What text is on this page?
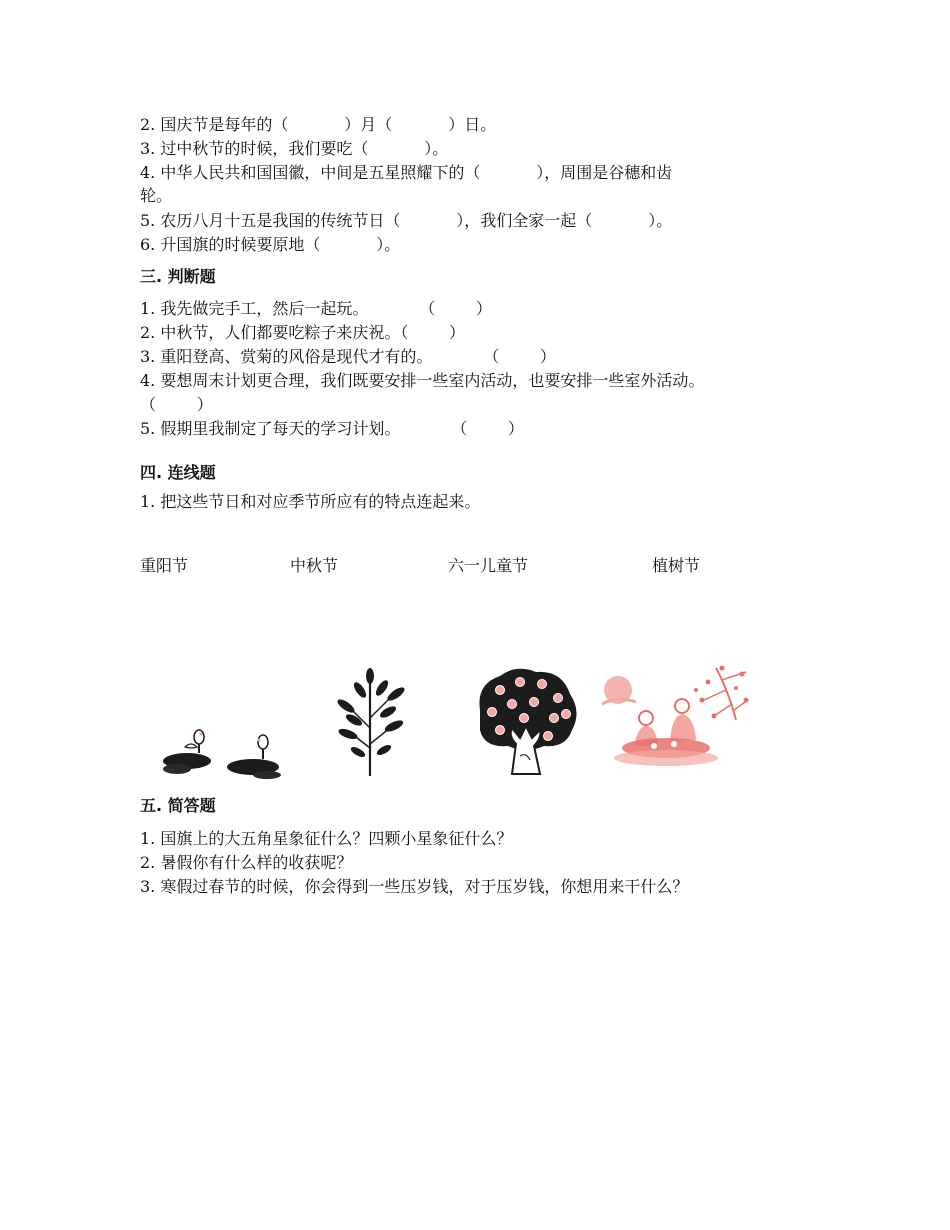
2. 国庆节是每年的（           ）月（           ）日。
3. 过中秋节的时候，我们要吃（           ）。
4. 中华人民共和国国徽，中间是五星照耀下的（           ），周围是谷穗和齿
轮。
5. 农历八月十五是我国的传统节日（           ），我们全家一起（           ）。
6. 升国旗的时候要原地（           ）。
三. 判断题
1. 我先做完手工，然后一起玩。          （        ）
2. 中秋节，人们都要吃粽子来庆祝。（        ）
3. 重阳登高、赏菊的风俗是现代才有的。          （        ）
4. 要想周末计划更合理，我们既要安排一些室内活动，也要安排一些室外活动。
（        ）
5. 假期里我制定了每天的学习计划。          （        ）
四. 连线题
1. 把这些节日和对应季节所应有的特点连起来。
重阳节	中秋节	六一儿童节	植树节
五. 简答题
1. 国旗上的大五角星象征什么？四颗小星象征什么？
2. 暑假你有什么样的收获呢？
3. 寒假过春节的时候，你会得到一些压岁钱，对于压岁钱，你想用来干什么？
